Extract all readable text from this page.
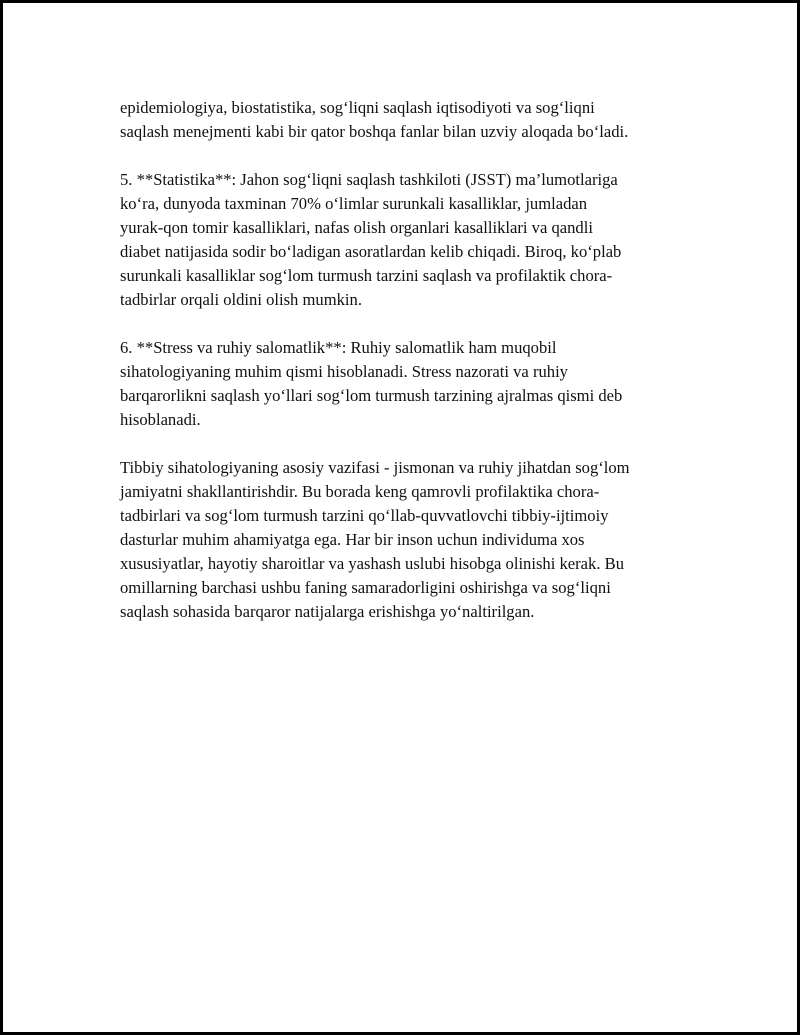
epidemiologiya, biostatistika, sog‘liqni saqlash iqtisodiyoti va sog‘liqni
saqlash menejmenti kabi bir qator boshqa fanlar bilan uzviy aloqada bo‘ladi.

5. **Statistika**: Jahon sog‘liqni saqlash tashkiloti (JSST) ma’lumotlariga
ko‘ra, dunyoda taxminan 70% o‘limlar surunkali kasalliklar, jumladan
yurak-qon tomir kasalliklari, nafas olish organlari kasalliklari va qandli
diabet natijasida sodir bo‘ladigan asoratlardan kelib chiqadi. Biroq, ko‘plab
surunkali kasalliklar sog‘lom turmush tarzini saqlash va profilaktik chora-
tadbirlar orqali oldini olish mumkin.

6. **Stress va ruhiy salomatlik**: Ruhiy salomatlik ham muqobil
sihatologiyaning muhim qismi hisoblanadi. Stress nazorati va ruhiy
barqarorlikni saqlash yo‘llari sog‘lom turmush tarzining ajralmas qismi deb
hisoblanadi.

Tibbiy sihatologiyaning asosiy vazifasi - jismonan va ruhiy jihatdan sog‘lom
jamiyatni shakllantirishdir. Bu borada keng qamrovli profilaktika chora-
tadbirlari va sog‘lom turmush tarzini qo‘llab-quvvatlovchi tibbiy-ijtimoiy
dasturlar muhim ahamiyatga ega. Har bir inson uchun individuma xos
xususiyatlar, hayotiy sharoitlar va yashash uslubi hisobga olinishi kerak. Bu
omillarning barchasi ushbu faning samaradorligini oshirishga va sog‘liqni
saqlash sohasida barqaror natijalarga erishishga yo‘naltirilgan.
